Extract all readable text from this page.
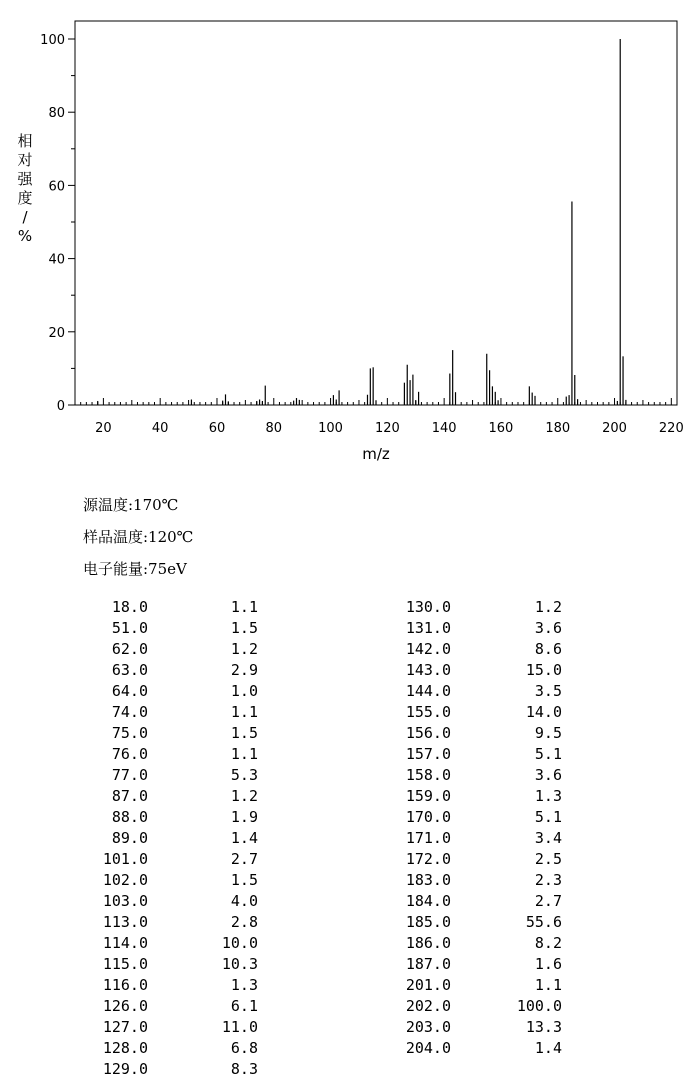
0
20
40
60
80
100
20	40	60	80	100 120 140 160 180 200 220
m/z
相
对
强
度
/
%
源温度:170℃
样品温度:120℃
电子能量:75eV
18.0	1.1
51.0	1.5
62.0	1.2
63.0	2.9
64.0	1.0
74.0	1.1
75.0	1.5
76.0	1.1
77.0	5.3
87.0	1.2
88.0	1.9
89.0	1.4
101.0	2.7
102.0	1.5
103.0	4.0
113.0	2.8
114.0	10.0
115.0	10.3
116.0	1.3
126.0	6.1
127.0	11.0
128.0	6.8
129.0	8.3
130.0	1.2
131.0	3.6
142.0	8.6
143.0	15.0
144.0	3.5
155.0	14.0
156.0	9.5
157.0	5.1
158.0	3.6
159.0	1.3
170.0	5.1
171.0	3.4
172.0	2.5
183.0	2.3
184.0	2.7
185.0	55.6
186.0	8.2
187.0	1.6
201.0	1.1
202.0	100.0
203.0	13.3
204.0	1.4
